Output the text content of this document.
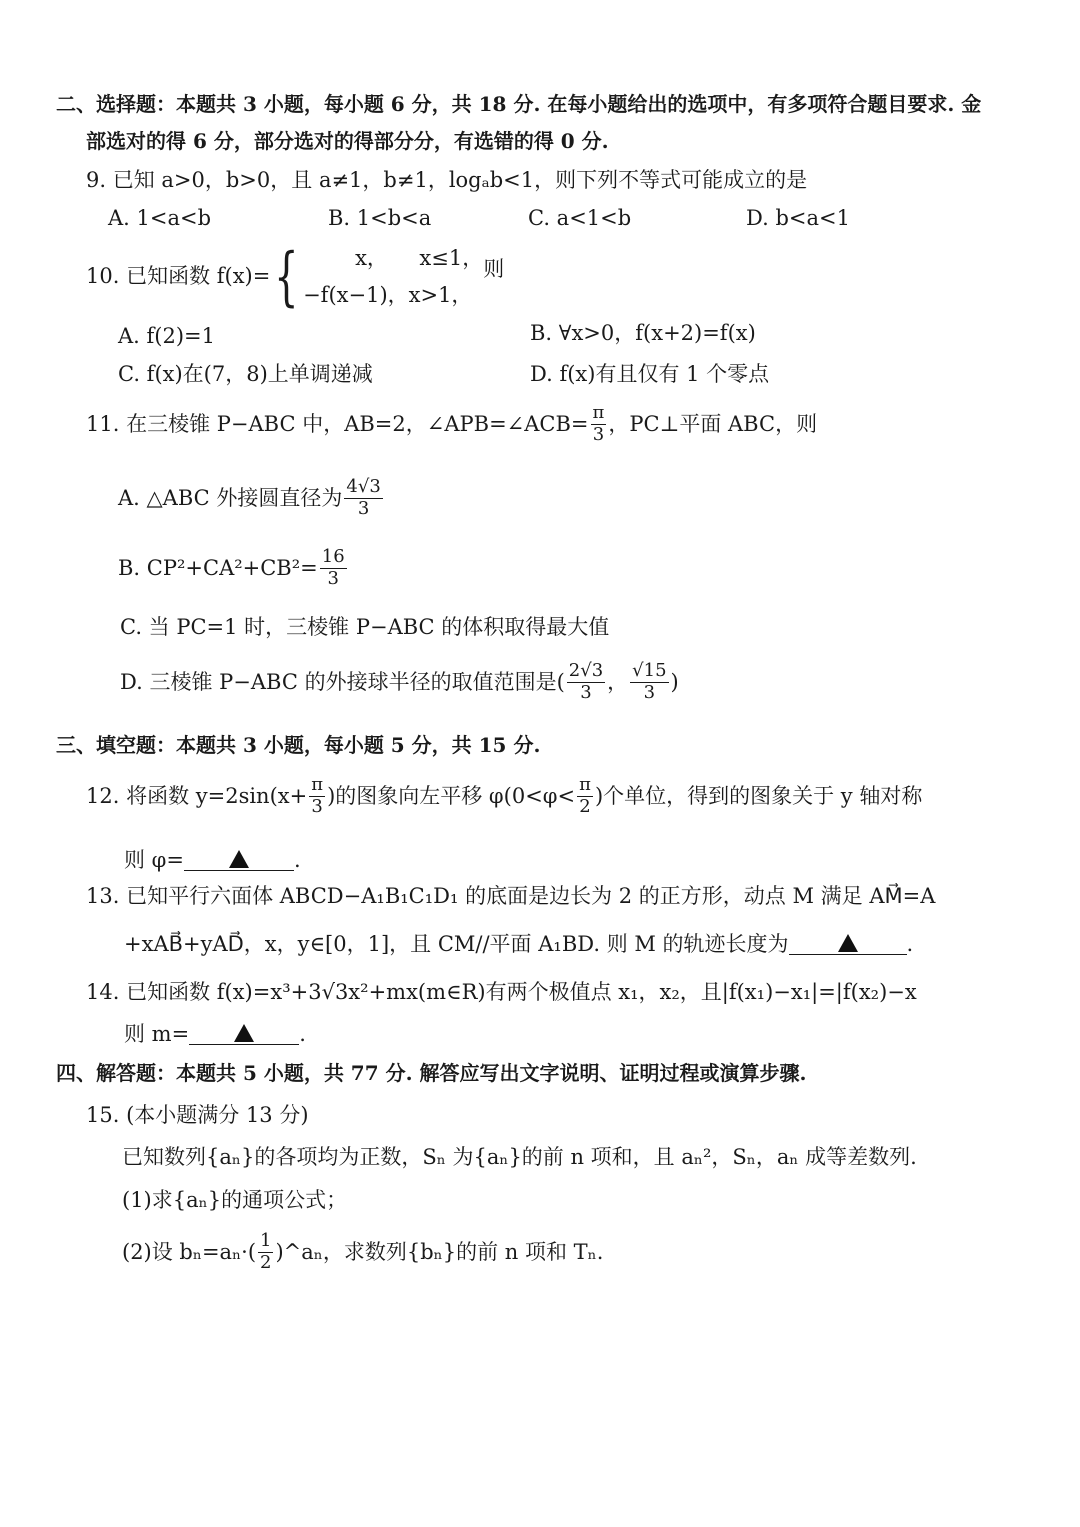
二、选择题：本题共 3 小题，每小题 6 分，共 18 分. 在每小题给出的选项中，有多项符合题目要求. 金
部选对的得 6 分，部分选对的得部分分，有选错的得 0 分.
9. 已知 a>0，b>0，且 a≠1，b≠1，logₐb<1，则下列不等式可能成立的是
A. 1<a<b	B. 1<b<a	C. a<1<b	D. b<a<1
10. 已知函数 f(x)={	x，　　x≤1，
−f(x−1)，x>1，
则
A. f(2)=1	B. ∀x>0，f(x+2)=f(x)
C. f(x)在(7，8)上单调递减	D. f(x)有且仅有 1 个零点
11. 在三棱锥 P−ABC 中，AB=2，∠APB=∠ACB= $\frac{\pi}{3}$ ，PC⊥平面 ABC，则
A. △ABC 外接圆直径为 $\frac{4√3}{3}$
B. $CP^2+CA^2+CB^2= \frac{16}{3}$
C. 当 PC=1 时，三棱锥 P−ABC 的体积取得最大值
D. 三棱锥 P−ABC 的外接球半径的取值范围是( $\frac{2√3}{3}$ ， $\frac{√15}{3}$ )
三、填空题：本题共 3 小题，每小题 5 分，共 15 分.
12. 将函数 $y=2\sin(x+ \frac{\pi}{3}$ )的图象向左平移 $\varphi(0<\varphi< \frac{\pi}{2}$ )个单位，得到的图象关于 y 轴对称
则 φ=	.
13. 已知平行六面体 ABCD−A₁B₁C₁D₁ 的底面是边长为 2 的正方形，动点 M 满足 AM⃗=A
+xAB⃗+yAD⃗，x，y∈[0，1]，且 CM//平面 A₁BD. 则 M 的轨迹长度为	.
14. 已知函数 f(x)=x³+3√3x²+mx(m∈R)有两个极值点 x₁，x₂，且|f(x₁)−x₁|=|f(x₂)−x
则 m=	.
四、解答题：本题共 5 小题，共 77 分. 解答应写出文字说明、证明过程或演算步骤.
15. (本小题满分 13 分)
已知数列{aₙ}的各项均为正数，Sₙ 为{aₙ}的前 n 项和，且 aₙ²，Sₙ，aₙ 成等差数列.
(1)求{aₙ}的通项公式；
(2)设 $b_n=a_n\cdot( \frac{1}{2}$ )^aₙ，求数列{bₙ}的前 n 项和 Tₙ.
